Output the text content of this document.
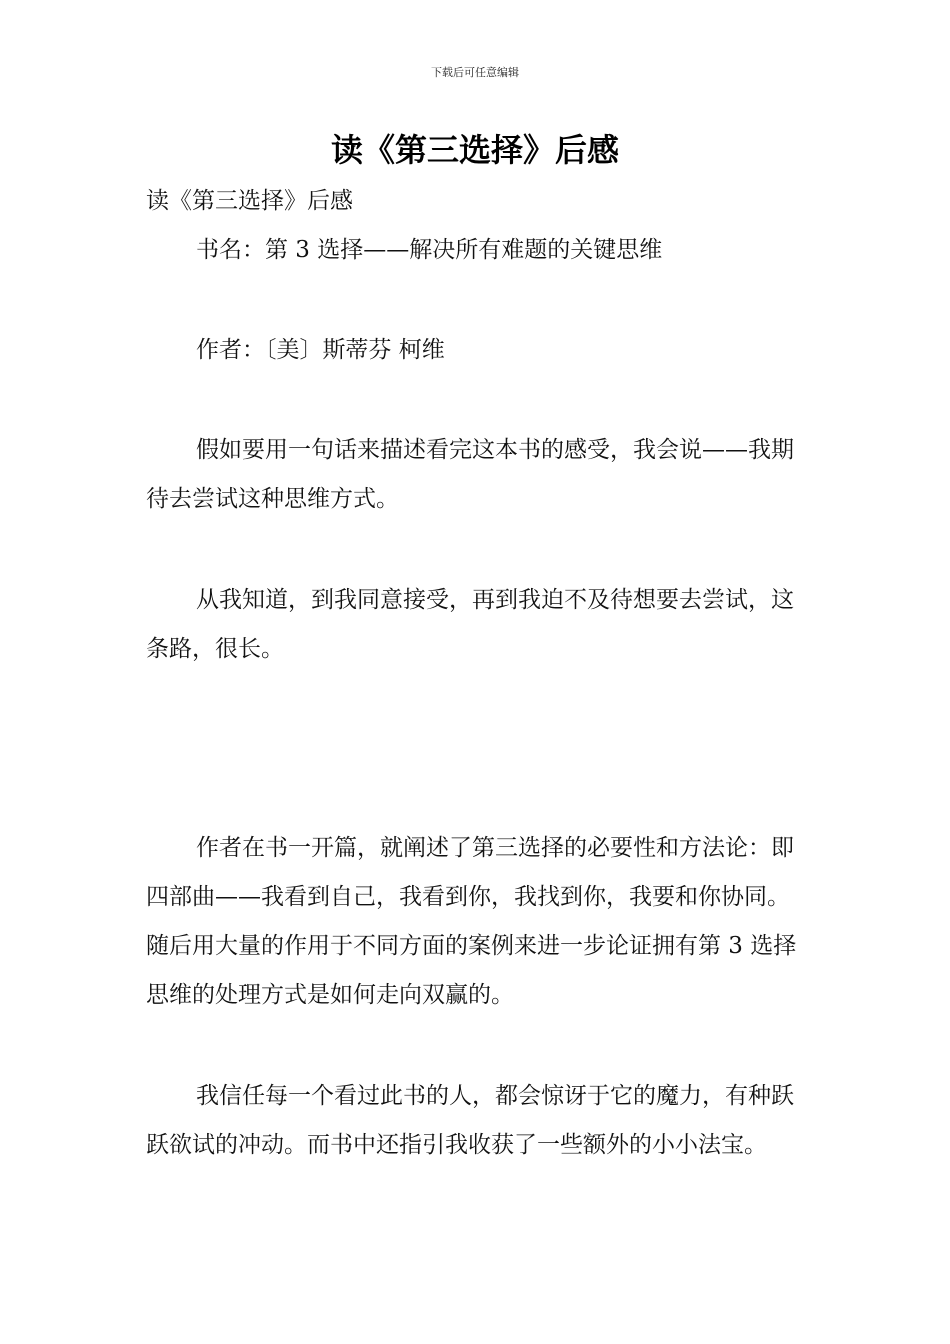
下载后可任意编辑
读《第三选择》后感
读《第三选择》后感
书名：第 3 选择——解决所有难题的关键思维
作者：〔美〕斯蒂芬 柯维
假如要用一句话来描述看完这本书的感受，我会说——我期待去尝试这种思维方式。
从我知道，到我同意接受，再到我迫不及待想要去尝试，这条路，很长。
作者在书一开篇，就阐述了第三选择的必要性和方法论：即四部曲——我看到自己，我看到你，我找到你，我要和你协同。随后用大量的作用于不同方面的案例来进一步论证拥有第 3 选择思维的处理方式是如何走向双赢的。
我信任每一个看过此书的人，都会惊讶于它的魔力，有种跃跃欲试的冲动。而书中还指引我收获了一些额外的小小法宝。
